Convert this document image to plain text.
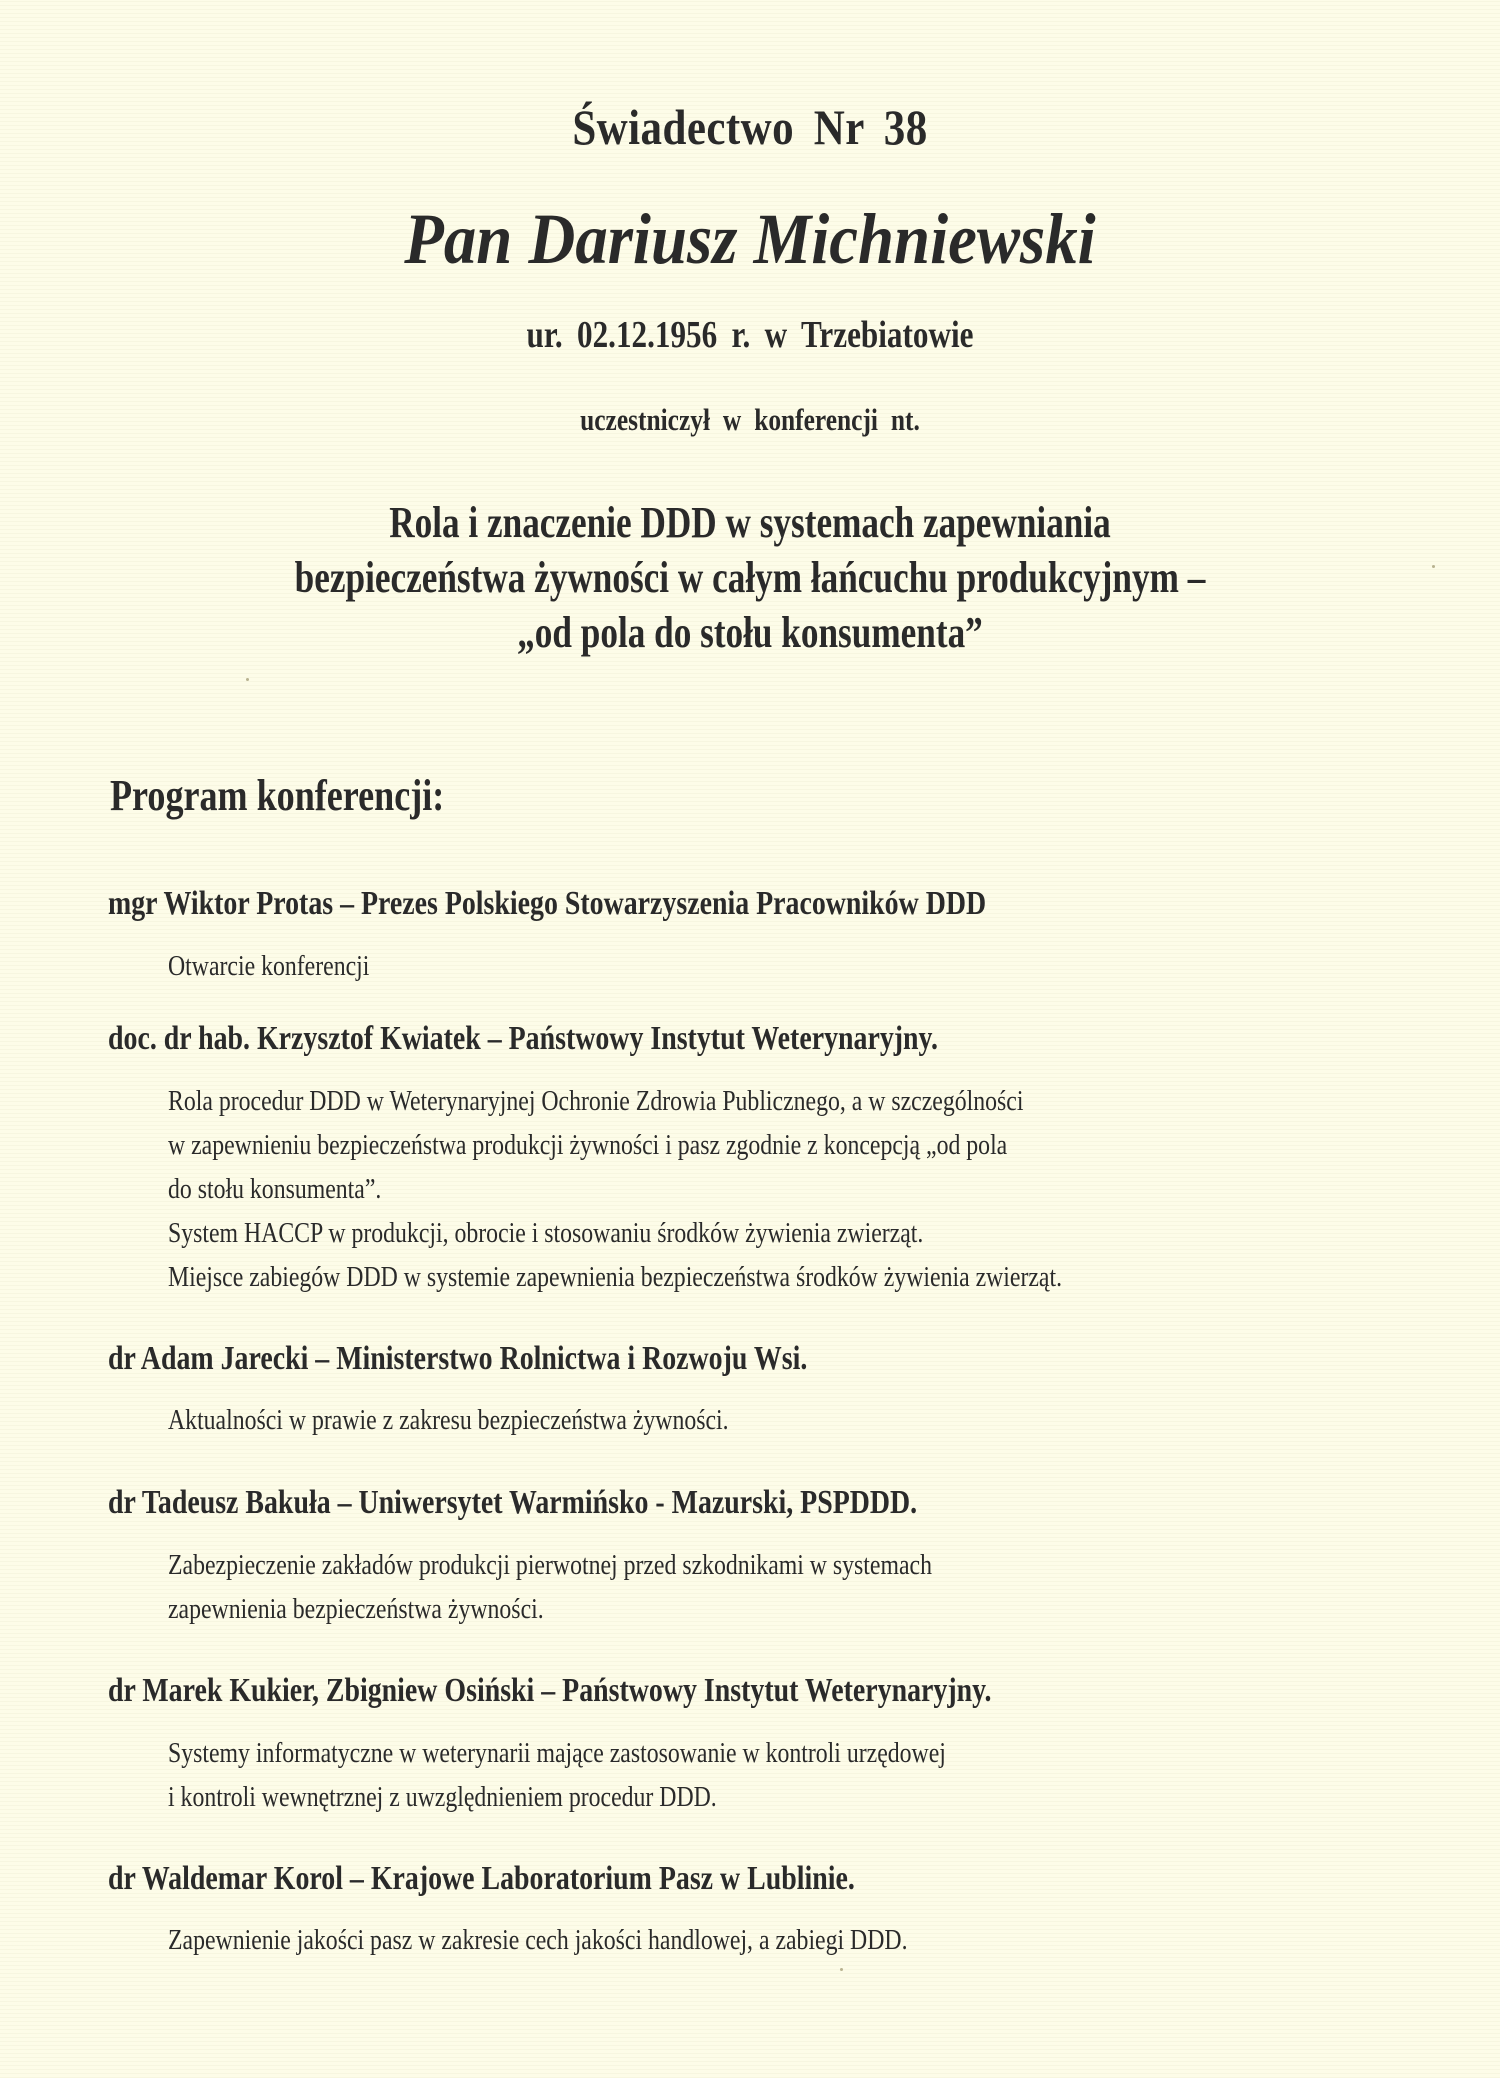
Świadectwo Nr 38
Pan Dariusz Michniewski
ur. 02.12.1956 r. w Trzebiatowie
uczestniczył w konferencji nt.
Rola i znaczenie DDD w systemach zapewniania
bezpieczeństwa żywności w całym łańcuchu produkcyjnym –
„od pola do stołu konsumenta”
Program konferencji:
mgr Wiktor Protas – Prezes Polskiego Stowarzyszenia Pracowników DDD
Otwarcie konferencji
doc. dr hab. Krzysztof Kwiatek – Państwowy Instytut Weterynaryjny.
Rola procedur DDD w Weterynaryjnej Ochronie Zdrowia Publicznego, a w szczególności
w zapewnieniu bezpieczeństwa produkcji żywności i pasz zgodnie z koncepcją „od pola
do stołu konsumenta”.
System HACCP w produkcji, obrocie i stosowaniu środków żywienia zwierząt.
Miejsce zabiegów DDD w systemie zapewnienia bezpieczeństwa środków żywienia zwierząt.
dr Adam Jarecki – Ministerstwo Rolnictwa i Rozwoju Wsi.
Aktualności w prawie z zakresu bezpieczeństwa żywności.
dr Tadeusz Bakuła – Uniwersytet Warmińsko - Mazurski, PSPDDD.
Zabezpieczenie zakładów produkcji pierwotnej przed szkodnikami w systemach
zapewnienia bezpieczeństwa żywności.
dr Marek Kukier, Zbigniew Osiński – Państwowy Instytut Weterynaryjny.
Systemy informatyczne w weterynarii mające zastosowanie w kontroli urzędowej
i kontroli wewnętrznej z uwzględnieniem procedur DDD.
dr Waldemar Korol – Krajowe Laboratorium Pasz w Lublinie.
Zapewnienie jakości pasz w zakresie cech jakości handlowej, a zabiegi DDD.
